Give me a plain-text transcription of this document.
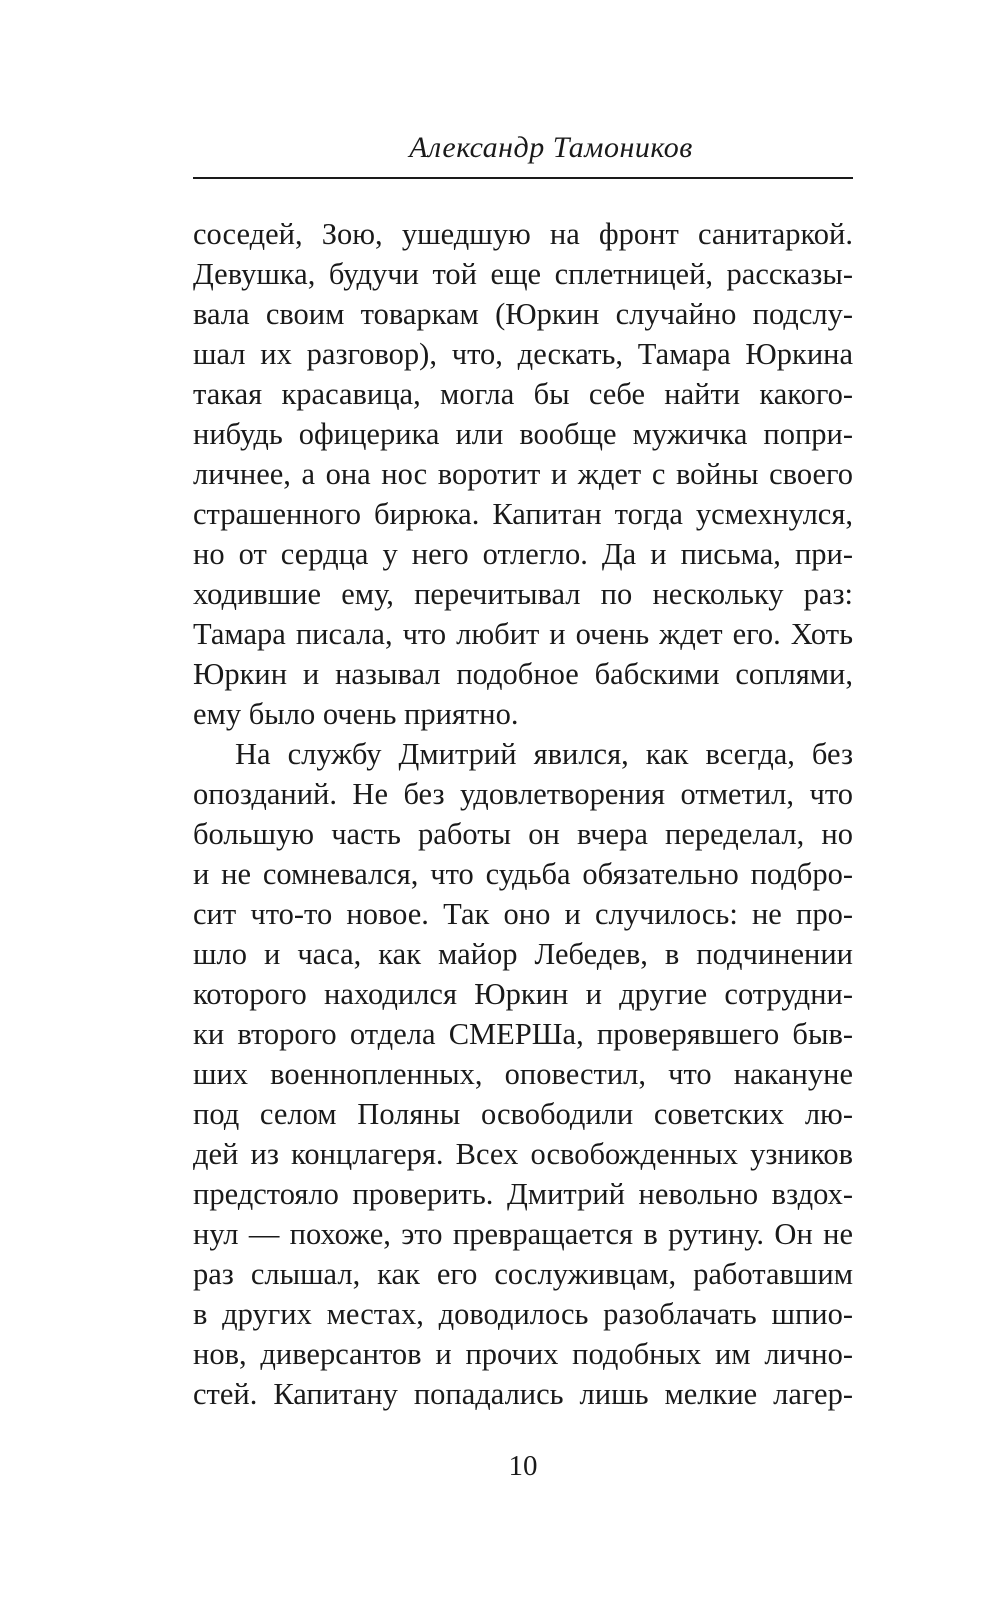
Александр Тамоников
соседей, Зою, ушедшую на фронт санитаркой.
Девушка, будучи той еще сплетницей, рассказы-
вала своим товаркам (Юркин случайно подслу-
шал их разговор), что, дескать, Тамара Юркина
такая красавица, могла бы себе найти какого-
нибудь офицерика или вообще мужичка попри-
личнее, а она нос воротит и ждет с войны своего
страшенного бирюка. Капитан тогда усмехнулся,
но от сердца у него отлегло. Да и письма, при-
ходившие ему, перечитывал по нескольку раз:
Тамара писала, что любит и очень ждет его. Хоть
Юркин и называл подобное бабскими соплями,
ему было очень приятно.
На службу Дмитрий явился, как всегда, без
опозданий. Не без удовлетворения отметил, что
большую часть работы он вчера переделал, но
и не сомневался, что судьба обязательно подбро-
сит что-то новое. Так оно и случилось: не про-
шло и часа, как майор Лебедев, в подчинении
которого находился Юркин и другие сотрудни-
ки второго отдела СМЕРШа, проверявшего быв-
ших военнопленных, оповестил, что накануне
под селом Поляны освободили советских лю-
дей из концлагеря. Всех освобожденных узников
предстояло проверить. Дмитрий невольно вздох-
нул — похоже, это превращается в рутину. Он не
раз слышал, как его сослуживцам, работавшим
в других местах, доводилось разоблачать шпио-
нов, диверсантов и прочих подобных им лично-
стей. Капитану попадались лишь мелкие лагер-
10
